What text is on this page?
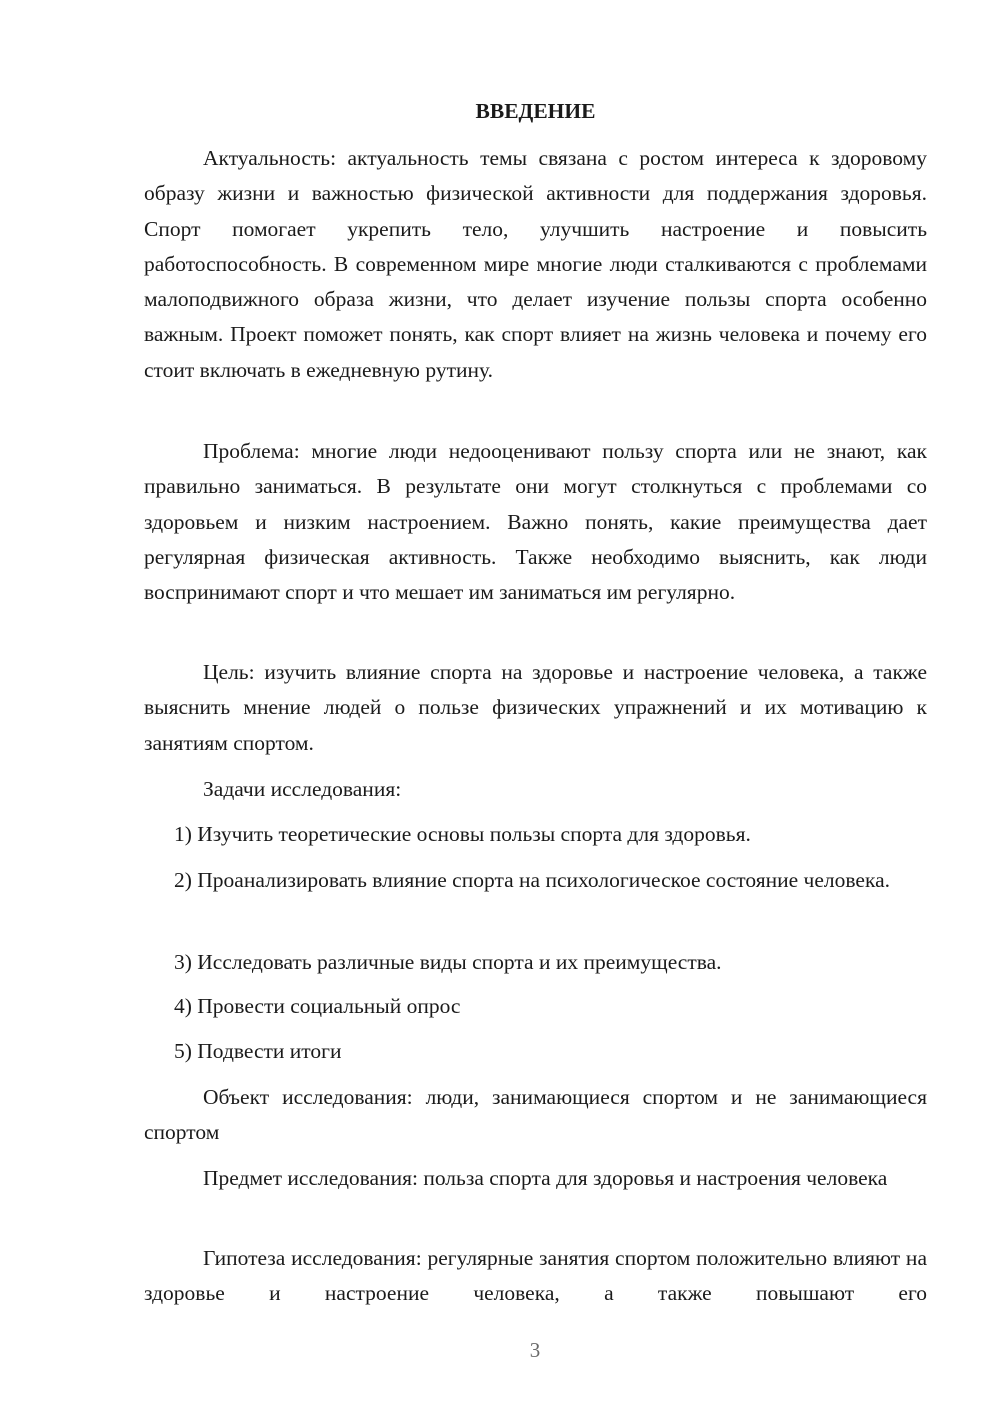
ВВЕДЕНИЕ

Актуальность: актуальность темы связана с ростом интереса к здоровому образу жизни и важностью физической активности для поддержания здоровья. Спорт помогает укрепить тело, улучшить настроение и повысить работоспособность. В современном мире многие люди сталкиваются с проблемами малоподвижного образа жизни, что делает изучение пользы спорта особенно важным. Проект поможет понять, как спорт влияет на жизнь человека и почему его стоит включать в ежедневную рутину.

Проблема: многие люди недооценивают пользу спорта или не знают, как правильно заниматься. В результате они могут столкнуться с проблемами со здоровьем и низким настроением. Важно понять, какие преимущества дает регулярная физическая активность. Также необходимо выяснить, как люди воспринимают спорт и что мешает им заниматься им регулярно.

Цель: изучить влияние спорта на здоровье и настроение человека, а также выяснить мнение людей о пользе физических упражнений и их мотивацию к занятиям спортом.

Задачи исследования:

1) Изучить теоретические основы пользы спорта для здоровья.

2) Проанализировать влияние спорта на психологическое состояние человека.

3) Исследовать различные виды спорта и их преимущества.

4) Провести социальный опрос

5) Подвести итоги

Объект исследования: люди, занимающиеся спортом и не занимающиеся спортом

Предмет исследования: польза спорта для здоровья и настроения человека

Гипотеза исследования: регулярные занятия спортом положительно влияют на здоровье и настроение человека, а также повышают его

3
